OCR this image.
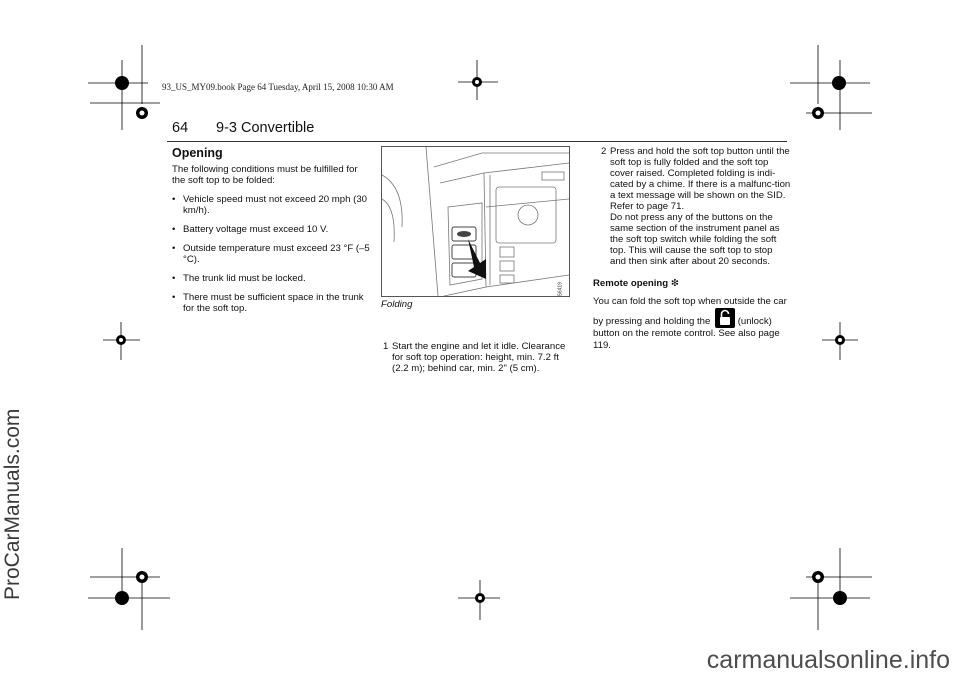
93_US_MY09.book Page 64 Tuesday, April 15, 2008 10:30 AM
64 9-3 Convertible
Opening

The following conditions must be fulfilled for the soft top to be folded:

• Vehicle speed must not exceed 20 mph (30 km/h).
• Battery voltage must exceed 10 V.
• Outside temperature must exceed 23 °F (–5 °C).
• The trunk lid must be locked.
• There must be sufficient space in the trunk for the soft top.
S6419
Folding
1 Start the engine and let it idle. Clearance for soft top operation: height, min. 7.2 ft (2.2 m); behind car, min. 2" (5 cm).
2 Press and hold the soft top button until the soft top is fully folded and the soft top cover raised. Completed folding is indi-cated by a chime. If there is a malfunc-tion a text message will be shown on the SID. Refer to page 71.
Do not press any of the buttons on the same section of the instrument panel as the soft top switch while folding the soft top. This will cause the soft top to stop and then sink after about 20 seconds.
Remote opening ❇
You can fold the soft top when outside the car by pressing and holding the	(unlock) button on the remote control. See also page 119.
ProCarManuals.com
carmanualsonline.info
